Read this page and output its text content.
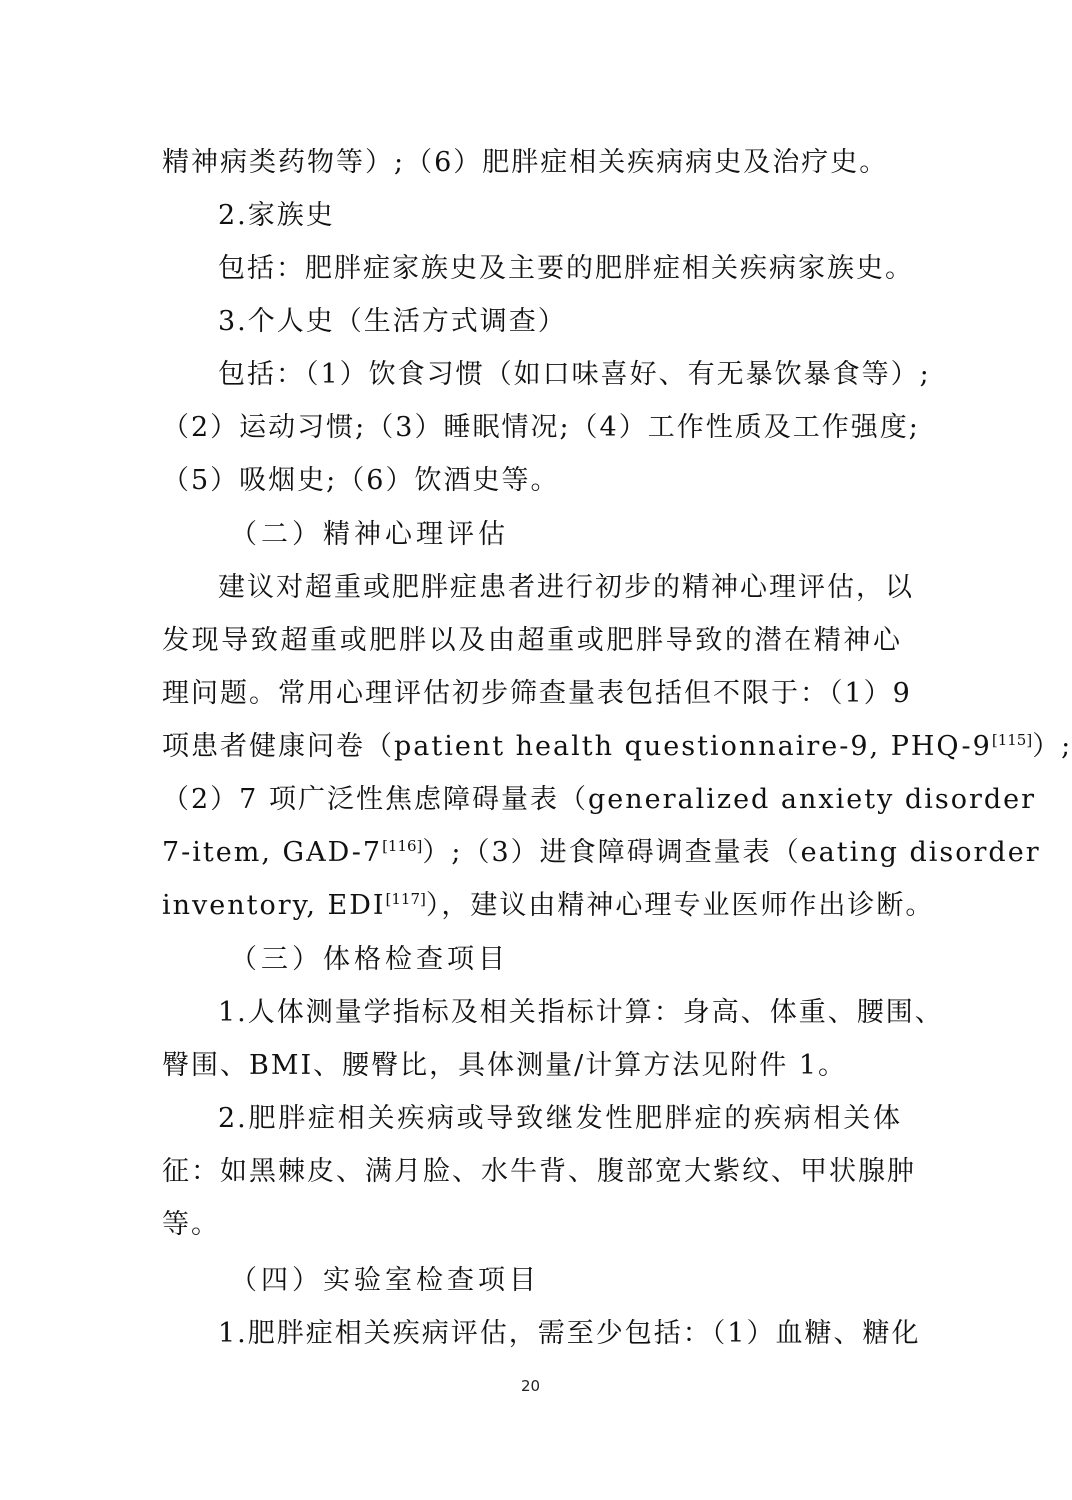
精神病类药物等）;（6）肥胖症相关疾病病史及治疗史。
2.家族史
包括：肥胖症家族史及主要的肥胖症相关疾病家族史。
3.个人史（生活方式调查）
包括：（1）饮食习惯（如口味喜好、有无暴饮暴食等）;
（2）运动习惯;（3）睡眠情况;（4）工作性质及工作强度;
（5）吸烟史;（6）饮酒史等。
（二）精神心理评估
建议对超重或肥胖症患者进行初步的精神心理评估，以
发现导致超重或肥胖以及由超重或肥胖导致的潜在精神心
理问题。常用心理评估初步筛查量表包括但不限于：（1）9
项患者健康问卷（patient health questionnaire-9, PHQ-9[115]）;
（2）7 项广泛性焦虑障碍量表（generalized anxiety disorder
7-item, GAD-7[116]）;（3）进食障碍调查量表（eating disorder
inventory, EDI[117]），建议由精神心理专业医师作出诊断。
（三）体格检查项目
1.人体测量学指标及相关指标计算：身高、体重、腰围、
臀围、BMI、腰臀比，具体测量/计算方法见附件 1。
2.肥胖症相关疾病或导致继发性肥胖症的疾病相关体
征：如黑棘皮、满月脸、水牛背、腹部宽大紫纹、甲状腺肿
等。
（四）实验室检查项目
1.肥胖症相关疾病评估，需至少包括：（1）血糖、糖化
20
